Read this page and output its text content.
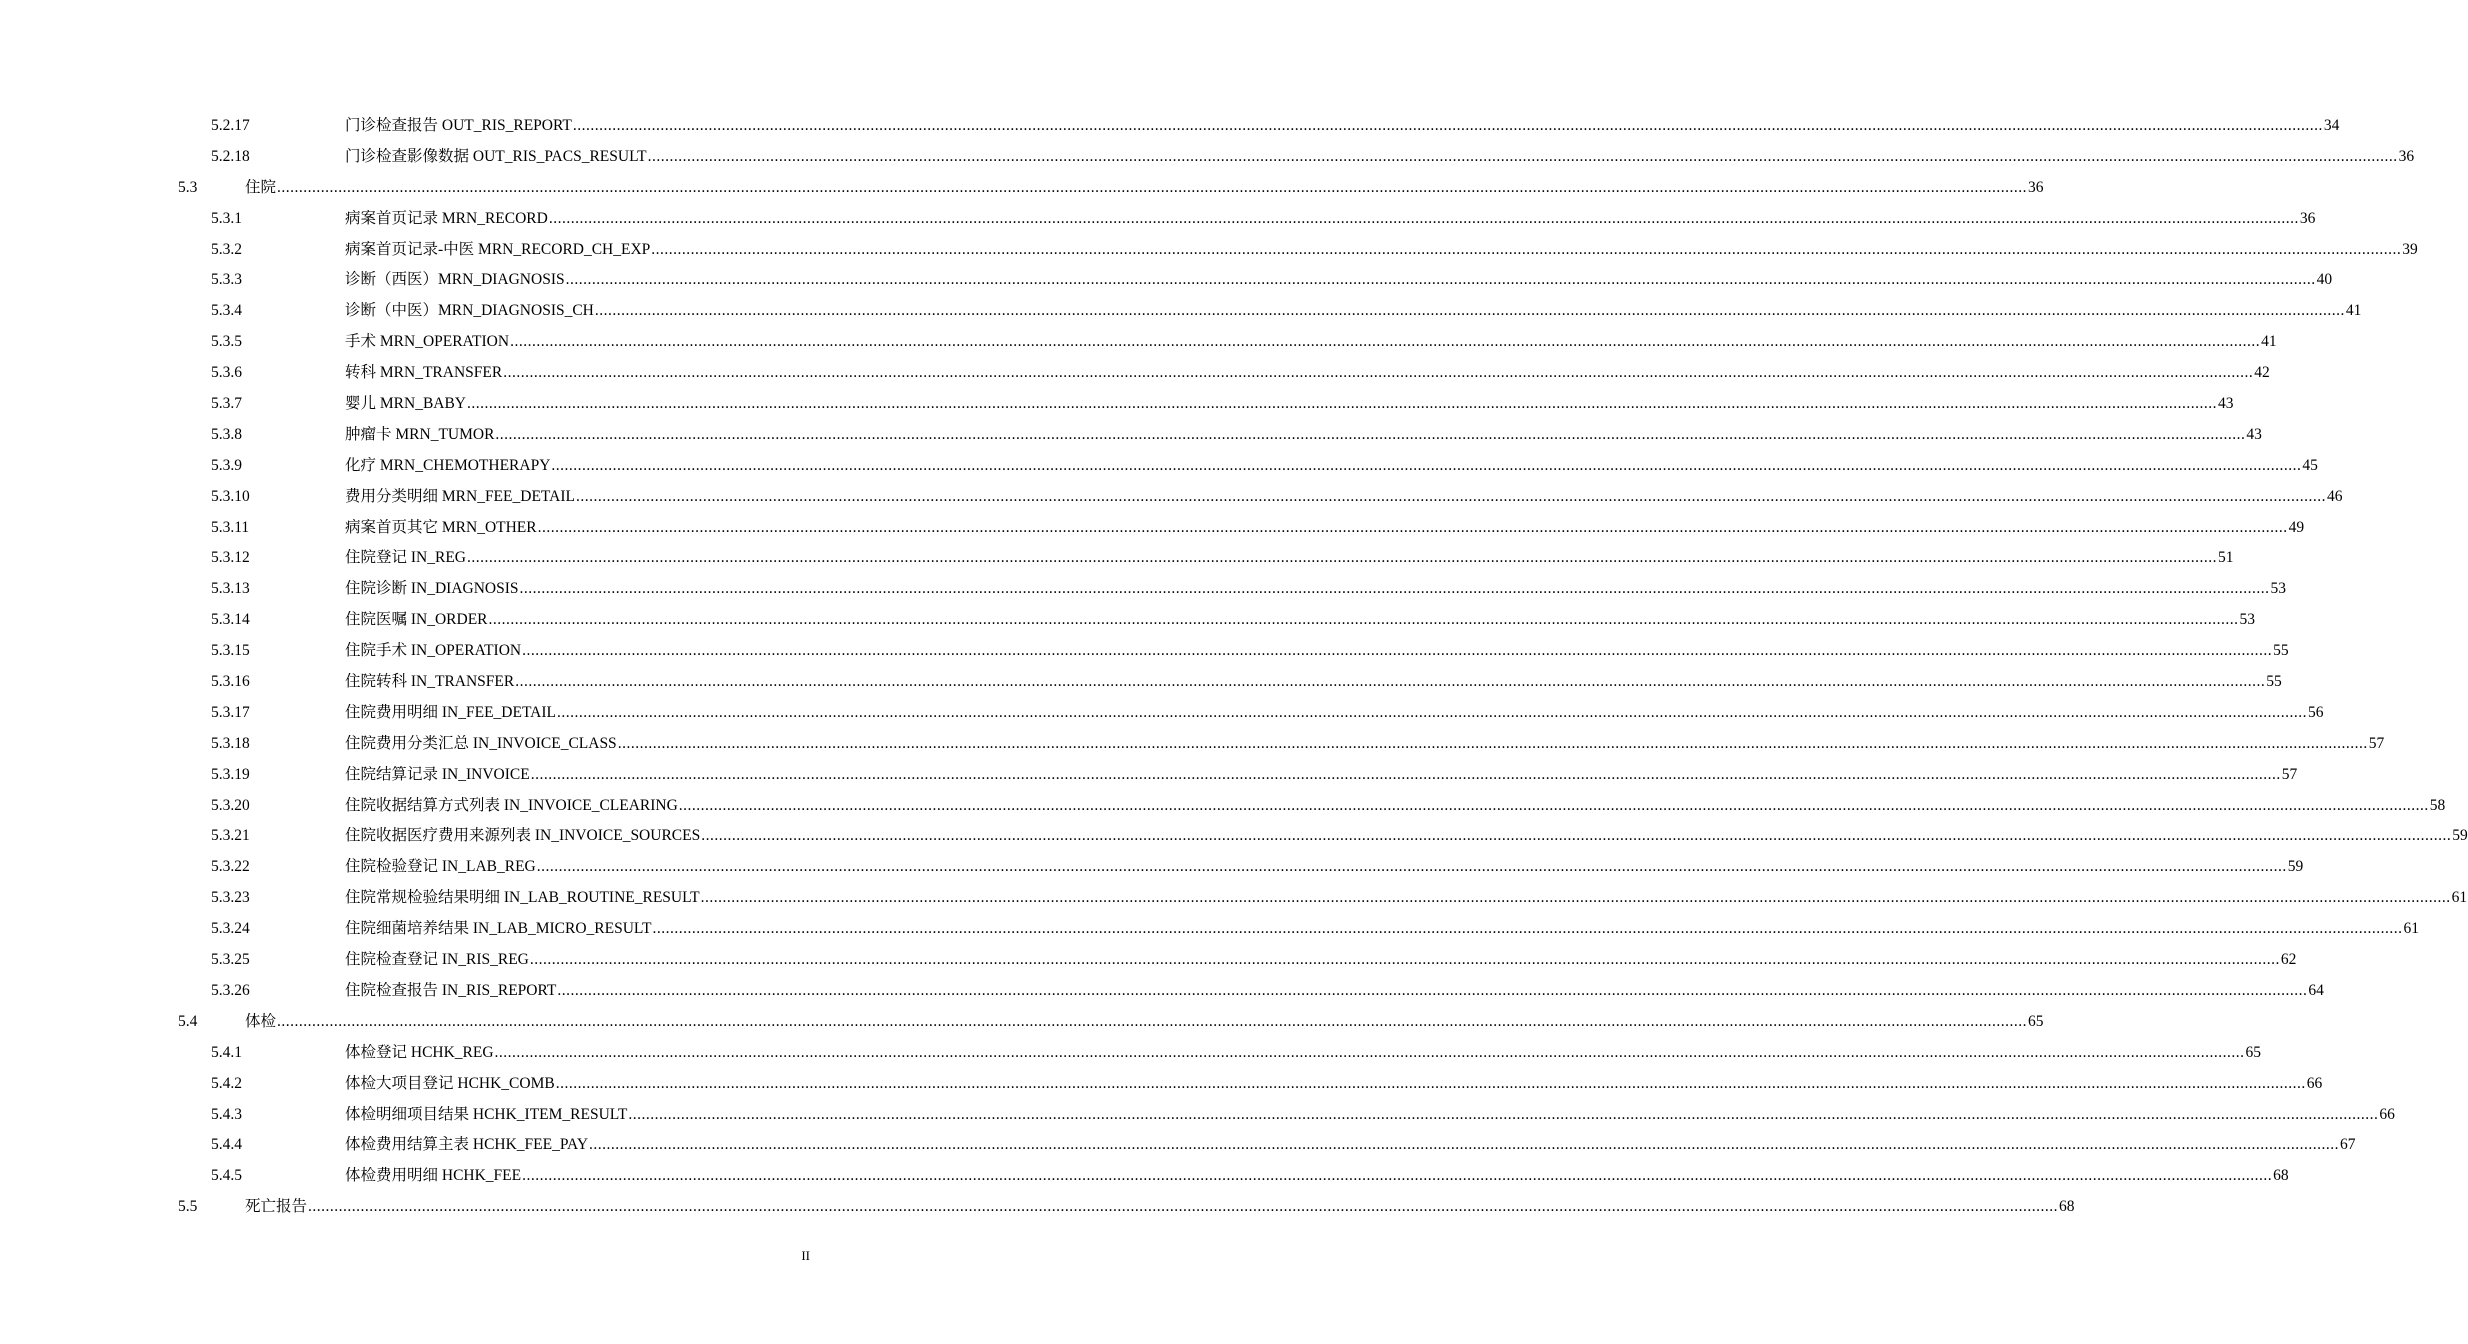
5.2.17	门诊检查报告 OUT_RIS_REPORT ................................................................................................................................................................................................................................................................................................................................................................................................................ 34
5.2.18	门诊检查影像数据 OUT_RIS_PACS_RESULT ................................................................................................................................................................................................................................................................................................................................................................................................................ 36
5.3	住院 ................................................................................................................................................................................................................................................................................................................................................................................................................ 36
5.3.1	病案首页记录 MRN_RECORD ................................................................................................................................................................................................................................................................................................................................................................................................................ 36
5.3.2	病案首页记录-中医 MRN_RECORD_CH_EXP ................................................................................................................................................................................................................................................................................................................................................................................................................ 39
5.3.3	诊断（西医）MRN_DIAGNOSIS ................................................................................................................................................................................................................................................................................................................................................................................................................ 40
5.3.4	诊断（中医）MRN_DIAGNOSIS_CH ................................................................................................................................................................................................................................................................................................................................................................................................................ 41
5.3.5	手术 MRN_OPERATION ................................................................................................................................................................................................................................................................................................................................................................................................................ 41
5.3.6	转科 MRN_TRANSFER ................................................................................................................................................................................................................................................................................................................................................................................................................ 42
5.3.7	婴儿 MRN_BABY ................................................................................................................................................................................................................................................................................................................................................................................................................ 43
5.3.8	肿瘤卡 MRN_TUMOR ................................................................................................................................................................................................................................................................................................................................................................................................................ 43
5.3.9	化疗 MRN_CHEMOTHERAPY ................................................................................................................................................................................................................................................................................................................................................................................................................ 45
5.3.10	费用分类明细 MRN_FEE_DETAIL ................................................................................................................................................................................................................................................................................................................................................................................................................ 46
5.3.11	病案首页其它 MRN_OTHER ................................................................................................................................................................................................................................................................................................................................................................................................................ 49
5.3.12	住院登记 IN_REG ................................................................................................................................................................................................................................................................................................................................................................................................................ 51
5.3.13	住院诊断 IN_DIAGNOSIS ................................................................................................................................................................................................................................................................................................................................................................................................................ 53
5.3.14	住院医嘱 IN_ORDER ................................................................................................................................................................................................................................................................................................................................................................................................................ 53
5.3.15	住院手术 IN_OPERATION ................................................................................................................................................................................................................................................................................................................................................................................................................ 55
5.3.16	住院转科 IN_TRANSFER ................................................................................................................................................................................................................................................................................................................................................................................................................ 55
5.3.17	住院费用明细 IN_FEE_DETAIL ................................................................................................................................................................................................................................................................................................................................................................................................................ 56
5.3.18	住院费用分类汇总 IN_INVOICE_CLASS ................................................................................................................................................................................................................................................................................................................................................................................................................ 57
5.3.19	住院结算记录 IN_INVOICE ................................................................................................................................................................................................................................................................................................................................................................................................................ 57
5.3.20	住院收据结算方式列表 IN_INVOICE_CLEARING ................................................................................................................................................................................................................................................................................................................................................................................................................ 58
5.3.21	住院收据医疗费用来源列表 IN_INVOICE_SOURCES ................................................................................................................................................................................................................................................................................................................................................................................................................ 59
5.3.22	住院检验登记 IN_LAB_REG ................................................................................................................................................................................................................................................................................................................................................................................................................ 59
5.3.23	住院常规检验结果明细 IN_LAB_ROUTINE_RESULT ................................................................................................................................................................................................................................................................................................................................................................................................................ 61
5.3.24	住院细菌培养结果 IN_LAB_MICRO_RESULT ................................................................................................................................................................................................................................................................................................................................................................................................................ 61
5.3.25	住院检查登记 IN_RIS_REG ................................................................................................................................................................................................................................................................................................................................................................................................................ 62
5.3.26	住院检查报告 IN_RIS_REPORT ................................................................................................................................................................................................................................................................................................................................................................................................................ 64
5.4	体检 ................................................................................................................................................................................................................................................................................................................................................................................................................ 65
5.4.1	体检登记 HCHK_REG ................................................................................................................................................................................................................................................................................................................................................................................................................ 65
5.4.2	体检大项目登记 HCHK_COMB ................................................................................................................................................................................................................................................................................................................................................................................................................ 66
5.4.3	体检明细项目结果 HCHK_ITEM_RESULT ................................................................................................................................................................................................................................................................................................................................................................................................................ 66
5.4.4	体检费用结算主表 HCHK_FEE_PAY ................................................................................................................................................................................................................................................................................................................................................................................................................ 67
5.4.5	体检费用明细 HCHK_FEE ................................................................................................................................................................................................................................................................................................................................................................................................................ 68
5.5	死亡报告 ................................................................................................................................................................................................................................................................................................................................................................................................................ 68
II
